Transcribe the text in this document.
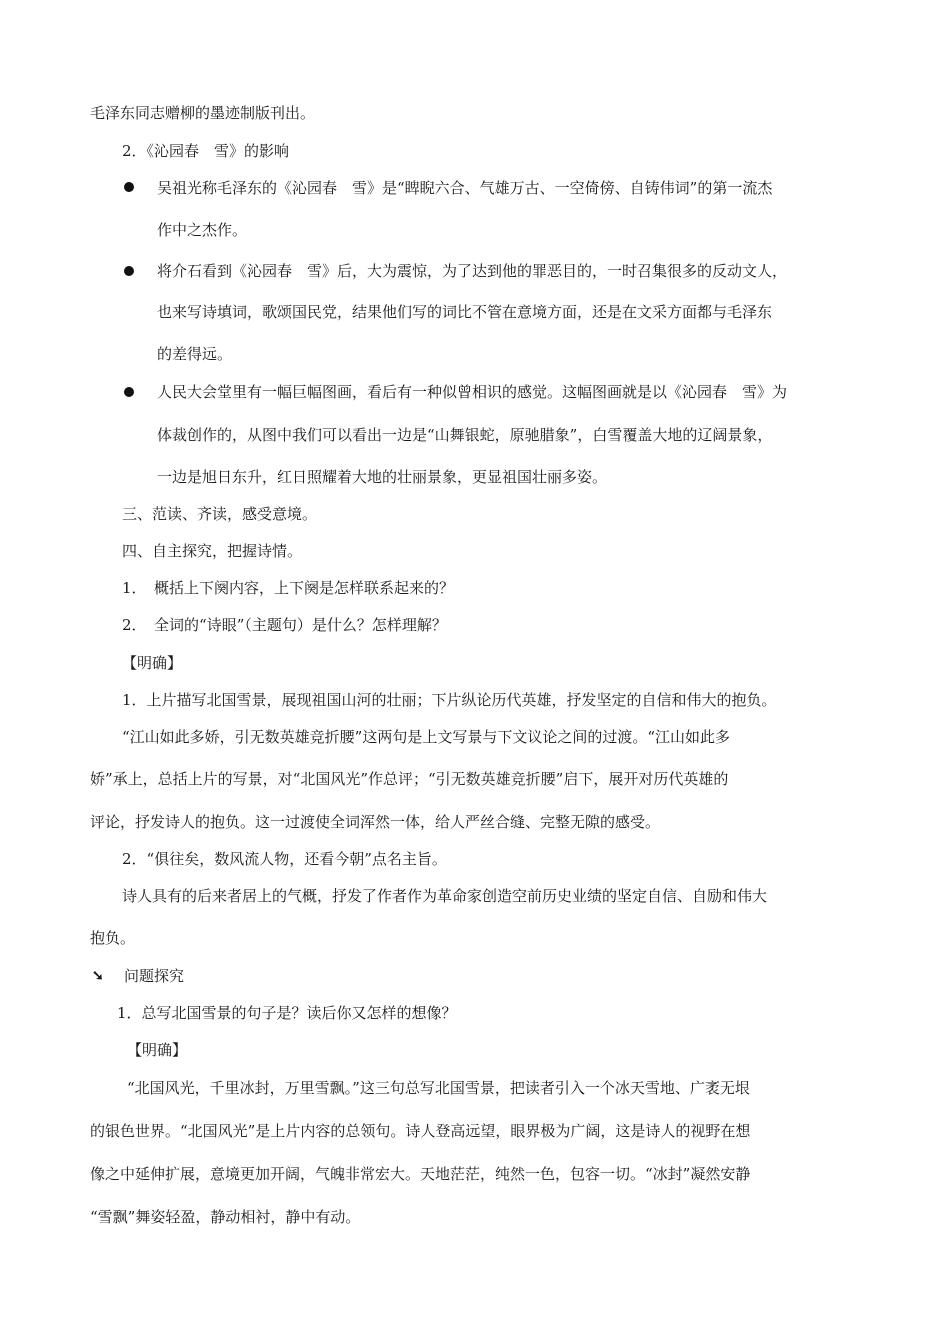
毛泽东同志赠柳的墨迹制版刊出。
2．《沁园春　雪》的影响
吴祖光称毛泽东的《沁园春　雪》是“睥睨六合、气雄万古、一空倚傍、自铸伟词”的第一流杰
作中之杰作。
将介石看到《沁园春　雪》后，大为震惊，为了达到他的罪恶目的，一时召集很多的反动文人，
也来写诗填词，歌颂国民党，结果他们写的词比不管在意境方面，还是在文采方面都与毛泽东
的差得远。
人民大会堂里有一幅巨幅图画，看后有一种似曾相识的感觉。这幅图画就是以《沁园春　雪》为
体裁创作的，从图中我们可以看出一边是“山舞银蛇，原驰腊象”，白雪覆盖大地的辽阔景象，
一边是旭日东升，红日照耀着大地的壮丽景象，更显祖国壮丽多姿。
三、范读、齐读，感受意境。
四、自主探究，把握诗情。
1．　概括上下阕内容，上下阕是怎样联系起来的？
2．　全词的“诗眼”（主题句）是什么？怎样理解？
【明确】
1．上片描写北国雪景，展现祖国山河的壮丽；下片纵论历代英雄，抒发坚定的自信和伟大的抱负。
“江山如此多娇，引无数英雄竞折腰”这两句是上文写景与下文议论之间的过渡。“江山如此多
娇”承上，总括上片的写景，对“北国风光”作总评；“引无数英雄竞折腰”启下，展开对历代英雄的
评论，抒发诗人的抱负。这一过渡使全词浑然一体，给人严丝合缝、完整无隙的感受。
2．“俱往矣，数风流人物，还看今朝”点名主旨。
诗人具有的后来者居上的气概，抒发了作者作为革命家创造空前历史业绩的坚定自信、自励和伟大
抱负。
➘ 问题探究
1．总写北国雪景的句子是？读后你又怎样的想像？
【明确】
“北国风光，千里冰封，万里雪飘。”这三句总写北国雪景，把读者引入一个冰天雪地、广袤无垠
的银色世界。“北国风光”是上片内容的总领句。诗人登高远望，眼界极为广阔，这是诗人的视野在想
像之中延伸扩展，意境更加开阔，气魄非常宏大。天地茫茫，纯然一色，包容一切。“冰封”凝然安静
“雪飘”舞姿轻盈，静动相衬，静中有动。
